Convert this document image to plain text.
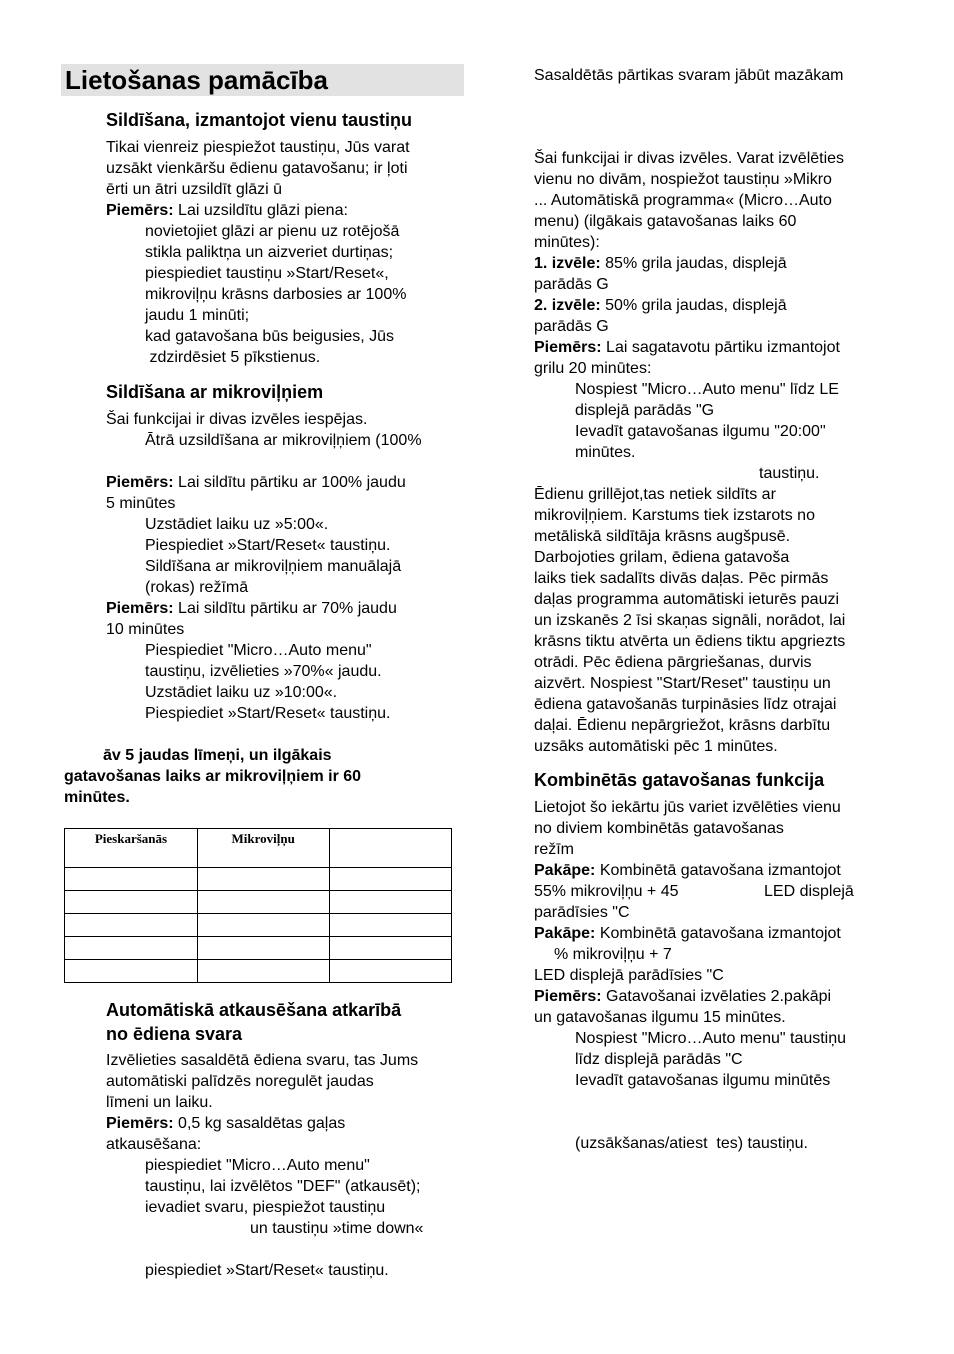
Lietošanas pamācība
Sildīšana, izmantojot vienu taustiņu
Tikai vienreiz piespiežot taustiņu, Jūs varat
uzsākt vienkāršu ēdienu gatavošanu; ir ļoti
ērti un ātri uzsildīt glāzi ū
Piemērs: Lai uzsildītu glāzi piena:
novietojiet glāzi ar pienu uz rotējošā
stikla paliktņa un aizveriet durtiņas;
piespiediet taustiņu »Start/Reset«,
mikroviļņu krāsns darbosies ar 100%
jaudu 1 minūti;
kad gatavošana būs beigusies, Jūs
zdzirdēsiet 5 pīkstienus.
Sildīšana ar mikroviļņiem
Šai funkcijai ir divas izvēles iespējas.
Ātrā uzsildīšana ar mikroviļņiem (100%
Piemērs: Lai sildītu pārtiku ar 100% jaudu
5 minūtes
Uzstādiet laiku uz »5:00«.
Piespiediet »Start/Reset« taustiņu.
Sildīšana ar mikroviļņiem manuālajā
(rokas) režīmā
Piemērs: Lai sildītu pārtiku ar 70% jaudu
10 minūtes
Piespiediet "Micro…Auto menu"
taustiņu, izvēlieties »70%« jaudu.
Uzstādiet laiku uz »10:00«.
Piespiediet »Start/Reset« taustiņu.
āv 5 jaudas līmeņi, un ilgākais
gatavošanas laiks ar mikroviļņiem ir 60
minūtes.
Pieskaršanās	Mikroviļņu	

Automātiskā atkausēšana atkarībā
no ēdiena svara
Izvēlieties sasaldētā ēdiena svaru, tas Jums
automātiski palīdzēs noregulēt jaudas
līmeni un laiku.
Piemērs: 0,5 kg sasaldētas gaļas
atkausēšana:
piespiediet "Micro…Auto menu"
taustiņu, lai izvēlētos "DEF" (atkausēt);
ievadiet svaru, piespiežot taustiņu
un taustiņu »time down«
piespiediet »Start/Reset« taustiņu.
Sasaldētās pārtikas svaram jābūt mazākam
Šai funkcijai ir divas izvēles. Varat izvēlēties
vienu no divām, nospiežot taustiņu »Mikro
... Automātiskā programma« (Micro…Auto
menu) (ilgākais gatavošanas laiks 60
minūtes):
1. izvēle: 85% grila jaudas, displejā
parādās G
2. izvēle: 50% grila jaudas, displejā
parādās G
Piemērs: Lai sagatavotu pārtiku izmantojot
grilu 20 minūtes:
Nospiest "Micro…Auto menu" līdz LE
displejā parādās "G
Ievadīt gatavošanas ilgumu "20:00"
minūtes.
taustiņu.
Ēdienu grillējot,tas netiek sildīts ar
mikroviļņiem. Karstums tiek izstarots no
metāliskā sildītāja krāsns augšpusē.
Darbojoties grilam, ēdiena gatavoša
laiks tiek sadalīts divās daļas. Pēc pirmās
daļas programma automātiski ieturēs pauzi
un izskanēs 2 īsi skaņas signāli, norādot, lai
krāsns tiktu atvērta un ēdiens tiktu apgriezts
otrādi. Pēc ēdiena pārgriešanas, durvis
aizvērt. Nospiest "Start/Reset" taustiņu un
ēdiena gatavošanās turpināsies līdz otrajai
daļai. Ēdienu nepārgriežot, krāsns darbītu
uzsāks automātiski pēc 1 minūtes.
Kombinētās gatavošanas funkcija
Lietojot šo iekārtu jūs variet izvēlēties vienu
no diviem kombinētās gatavošanas
režīm
Pakāpe: Kombinētā gatavošana izmantojot
55% mikroviļņu + 45	LED displejā
parādīsies "C
Pakāpe: Kombinētā gatavošana izmantojot
% mikroviļņu + 7
LED displejā parādīsies "C
Piemērs: Gatavošanai izvēlaties 2.pakāpi
un gatavošanas ilgumu 15 minūtes.
Nospiest "Micro…Auto menu" taustiņu
līdz displejā parādās "C
Ievadīt gatavošanas ilgumu minūtēs
(uzsākšanas/atiest  tes) taustiņu.
